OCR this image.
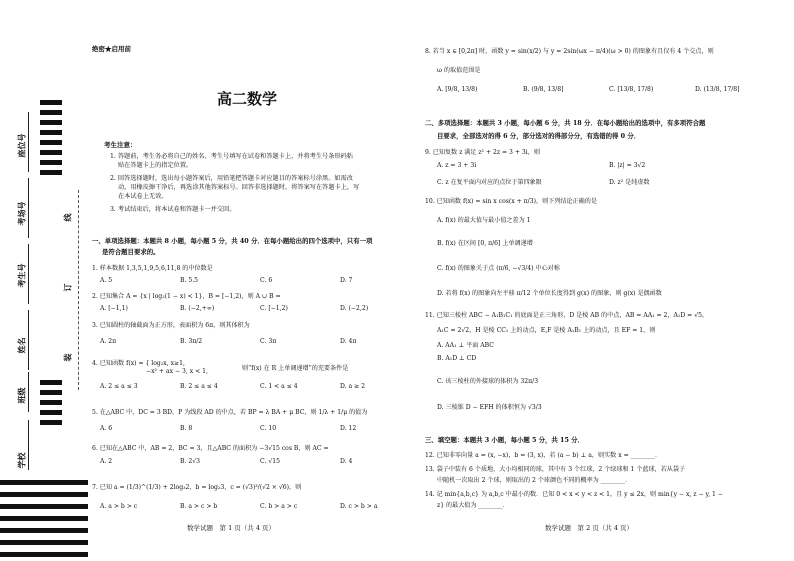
座位号
考场号
考生号
姓名
班级
学校
线
订
装
绝密★启用前
高二数学
考生注意：
1. 答题前，考生务必将自己的姓名、考生号填写在试卷和答题卡上，并将考生号条形码粘
贴在答题卡上的指定位置。
2. 回答选择题时，选出每小题答案后，用铅笔把答题卡对应题目的答案标号涂黑。如需改
动，用橡皮擦干净后，再选涂其他答案标号。回答非选择题时，将答案写在答题卡上，写
在本试卷上无效。
3. 考试结束后，将本试卷和答题卡一并交回。
一、单项选择题：本题共 8 小题，每小题 5 分，共 40 分．在每小题给出的四个选项中，只有一项
是符合题目要求的。
1. 样本数据 1,3,5,1,9,5,6,11,8 的中位数是
A. 5	B. 5.5	C. 6	D. 7
2. 已知集合 A = {x | log₂(1 − x) < 1}，B = [−1,2)，则 A ∪ B =
A. [−1,1)	B. (−2,+∞)	C. [−1,2)	D. (−2,2)
3. 已知圆柱的轴截面为正方形，表面积为 6π，则其体积为
A. 2π	B. 3π/2	C. 3π	D. 4π
4. 已知函数 f(x) = { log₂x, x≥1,
−x² + ax − 3, x < 1,	则“f(x) 在 R 上单调递增”的充要条件是
A. 2 ≤ a ≤ 3	B. 2 ≤ a ≤ 4	C. 1 < a ≤ 4	D. a ≥ 2
5. 在△ABC 中，DC = 3 BD，P 为线段 AD 的中点，若 BP = λ BA + μ BC，则 1/λ + 1/μ 的值为
A. 6	B. 8	C. 10	D. 12
6. 已知在△ABC 中，AB = 2，BC = 3，且△ABC 的面积为 −3√15 cos B，则 AC =
A. 2	B. 2√3	C. √15	D. 4
7. 已知 a = (1/3)^(1/3) + 2log₃2，b = log₂3，c = (√3)³/(√2 × √6)，则
A. a > b > c	B. a > c > b	C. b > a > c	D. c > b > a
数学试题　第 1 页（共 4 页）
8. 若当 x ∈ [0,2π] 时，函数 y = sin(x/2) 与 y = 2sin(ωx − π/4)(ω > 0) 的图象有且仅有 4 个交点，则
ω 的取值范围是
A. [9/8, 13/8)	B. (9/8, 13/8]	C. [13/8, 17/8)	D. (13/8, 17/8]
二、多项选择题：本题共 3 小题，每小题 6 分，共 18 分．在每小题给出的选项中，有多项符合题
目要求，全部选对的得 6 分，部分选对的得部分分，有选错的得 0 分．
9. 已知复数 z 满足 z² + 2z = 3 + 3i，则
A. z = 3 + 3i	B. |z| = 3√2
C. z 在复平面内对应的点位于第四象限	D. z² 是纯虚数
10. 已知函数 f(x) = sin x cos(x + π/3)，则下列结论正确的是
A. f(x) 的最大值与最小值之差为 1
B. f(x) 在区间 [0, π/6] 上单调递增
C. f(x) 的图象关于点 (π/6, −√3/4) 中心对称
D. 若将 f(x) 的图象向左平移 π/12 个单位长度得到 g(x) 的图象，则 g(x) 是偶函数
11. 已知三棱柱 ABC − A₁B₁C₁ 的底面是正三角形，D 是棱 AB 的中点，AB = AA₁ = 2，A₁D = √5，
A₁C = 2√2，H 是棱 CC₁ 上的动点，E,F 是棱 A₁B₁ 上的动点，且 EF = 1，则
A. AA₁ ⊥ 平面 ABC
B. A₁D ⊥ CD
C. 该三棱柱的外接球的体积为 32π/3
D. 三棱锥 D − EFH 的体积恒为 √3/3
三、填空题：本题共 3 小题，每小题 5 分，共 15 分．
12. 已知非零向量 a = (x, −x)，b = (3, x)，若 (a − b) ⊥ a，则实数 x = ________．
13. 袋子中装有 6 个质地、大小均相同的球，其中有 3 个红球，2 个绿球和 1 个蓝球，若从袋子
中随机一次取出 2 个球，则取出的 2 个球颜色不同的概率为 ________．
14. 记 min{a,b,c} 为 a,b,c 中最小的数．已知 0 < x < y < z < 1，且 y ≤ 2x，则 min{y − x, z − y, 1 −
z} 的最大值为 ________．
数学试题　第 2 页（共 4 页）
